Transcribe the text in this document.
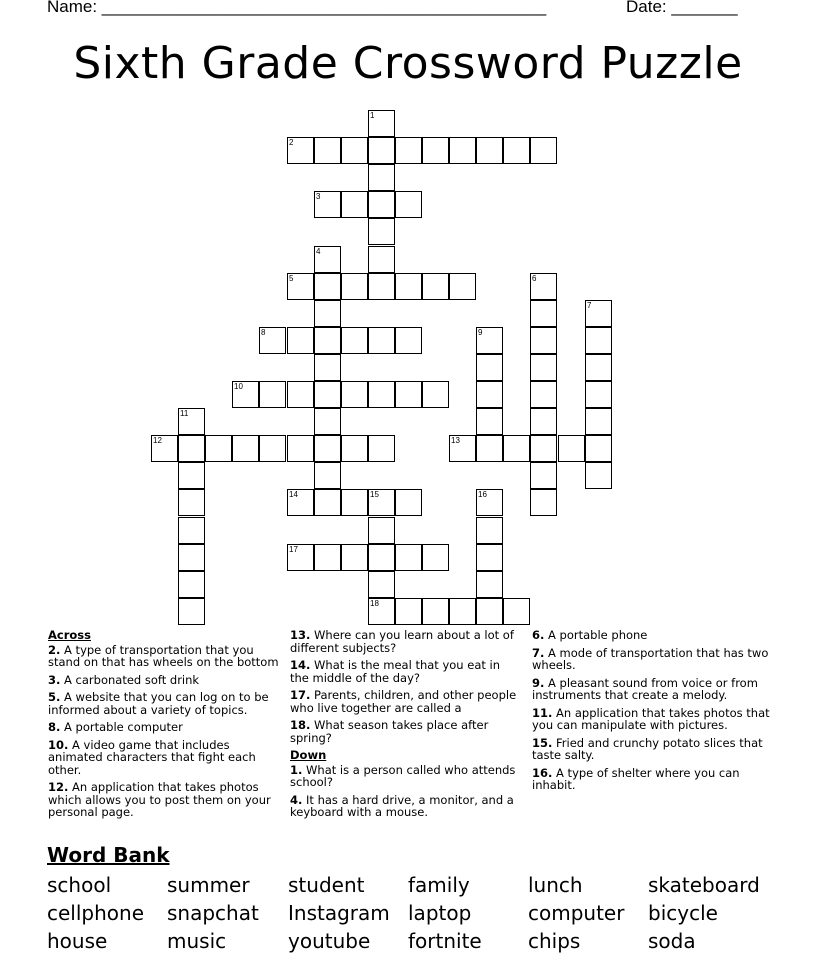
Name: _______________________________________________	Date: _______
Sixth Grade Crossword Puzzle
1
2
3
4
5	6
7
8	9
10
11
12	13
14	15
18
16
17
Across
2. A type of transportation that you stand on that has wheels on the bottom
3. A carbonated soft drink
5. A website that you can log on to be informed about a variety of topics.
8. A portable computer
10. A video game that includes animated characters that fight each other.
12. An application that takes photos which allows you to post them on your personal page.
13. Where can you learn about a lot of different subjects?
14. What is the meal that you eat in the middle of the day?
17. Parents, children, and other people who live together are called a
18. What season takes place after spring?
Down
1. What is a person called who attends school?
4. It has a hard drive, a monitor, and a keyboard with a mouse.
6. A portable phone
7. A mode of transportation that has two wheels.
9. A pleasant sound from voice or from instruments that create a melody.
11. An application that takes photos that you can manipulate with pictures.
15. Fried and crunchy potato slices that taste salty.
16. A type of shelter where you can inhabit.
Word Bank
school	summer student family	lunch	skateboard
cellphone snapchat Instagram laptop	computer bicycle
house	music	youtube fortnite chips	soda
